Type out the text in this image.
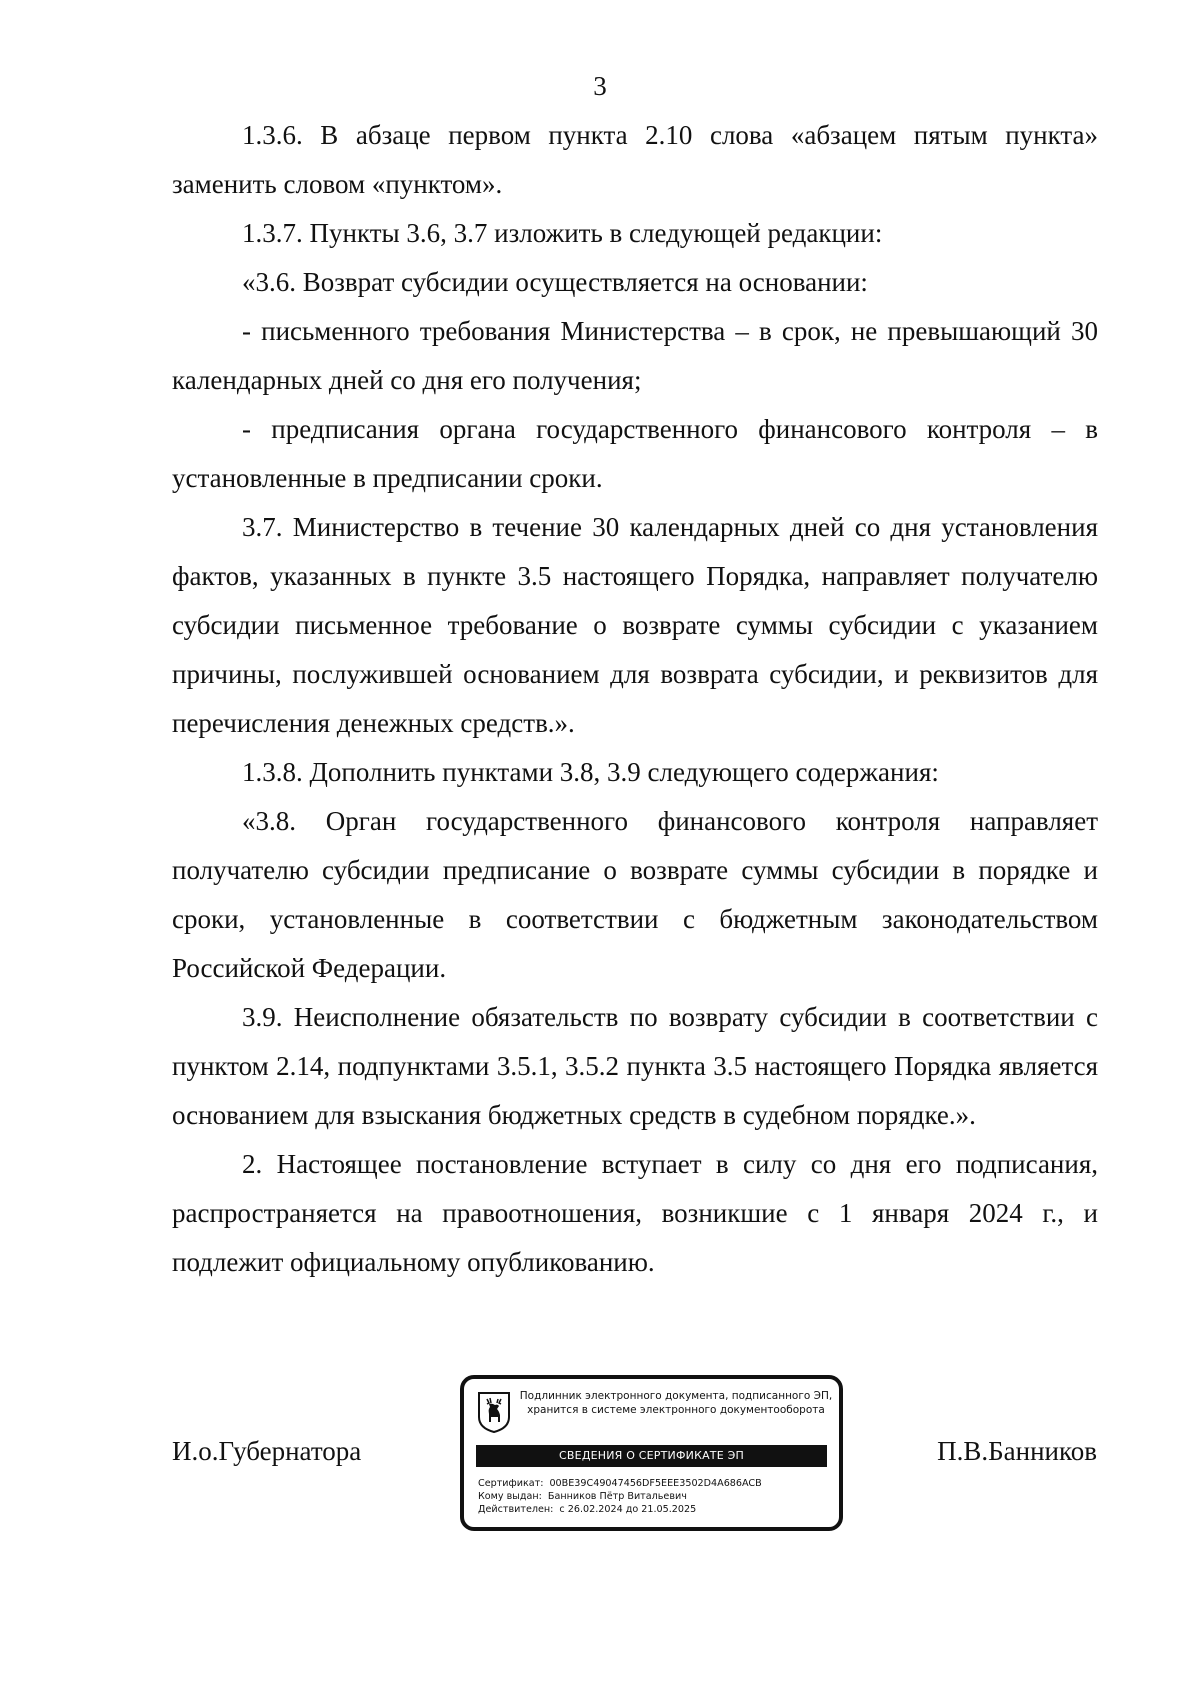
3

1.3.6. В абзаце первом пункта 2.10 слова «абзацем пятым пункта» заменить словом «пунктом».

1.3.7. Пункты 3.6, 3.7 изложить в следующей редакции:

«3.6. Возврат субсидии осуществляется на основании:

- письменного требования Министерства – в срок, не превышающий 30 календарных дней со дня его получения;

- предписания органа государственного финансового контроля – в установленные в предписании сроки.

3.7. Министерство в течение 30 календарных дней со дня установления фактов, указанных в пункте 3.5 настоящего Порядка, направляет получателю субсидии письменное требование о возврате суммы субсидии с указанием причины, послужившей основанием для возврата субсидии, и реквизитов для перечисления денежных средств.».

1.3.8. Дополнить пунктами 3.8, 3.9 следующего содержания:

«3.8. Орган государственного финансового контроля направляет получателю субсидии предписание о возврате суммы субсидии в порядке и сроки, установленные в соответствии с бюджетным законодательством Российской Федерации.

3.9. Неисполнение обязательств по возврату субсидии в соответствии с пунктом 2.14, подпунктами 3.5.1, 3.5.2 пункта 3.5 настоящего Порядка является основанием для взыскания бюджетных средств в судебном порядке.».

2. Настоящее постановление вступает в силу со дня его подписания, распространяется на правоотношения, возникшие с 1 января 2024 г., и подлежит официальному опубликованию.

И.о.Губернатора
Подлинник электронного документа, подписанного ЭП,
хранится в системе электронного документооборота
СВЕДЕНИЯ О СЕРТИФИКАТЕ ЭП
Сертификат: 00BE39C49047456DF5EEE3502D4A686ACB
Кому выдан: Банников Пётр Витальевич
Действителен: с 26.02.2024 до 21.05.2025
П.В.Банников
